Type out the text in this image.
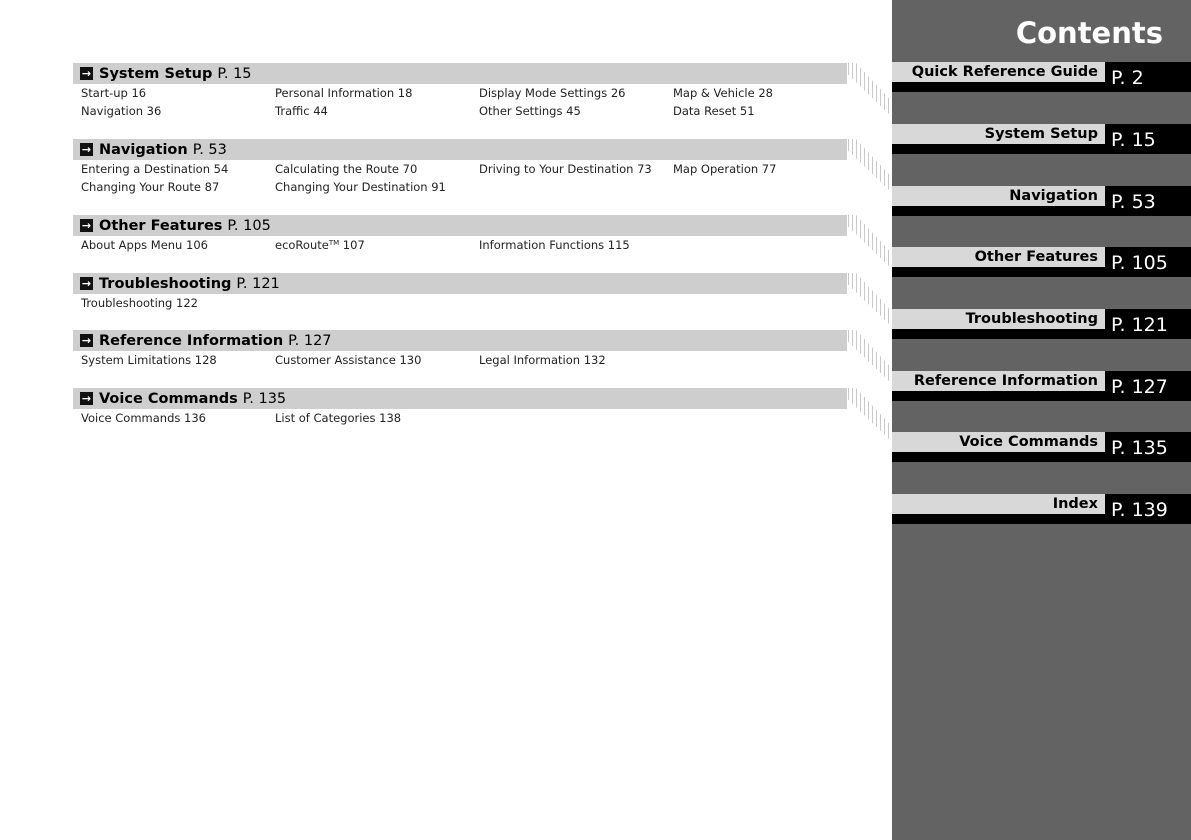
→ System Setup P. 15
Start-up 16	Personal Information 18	Display Mode Settings 26	Map & Vehicle 28
Navigation 36	Traffic 44	Other Settings 45	Data Reset 51
→ Navigation P. 53
Entering a Destination 54	Calculating the Route 70	Driving to Your Destination 73 Map Operation 77
Changing Your Route 87	Changing Your Destination 91
→ Other Features P. 105
About Apps Menu 106	ecoRoute™ 107	Information Functions 115
→ Troubleshooting P. 121
Troubleshooting 122
→ Reference Information P. 127
System Limitations 128	Customer Assistance 130	Legal Information 132
→ Voice Commands P. 135
Voice Commands 136	List of Categories 138
Contents
Quick Reference Guide P. 2
System Setup P. 15
Navigation P. 53
Other Features P. 105
Troubleshooting P. 121
Reference Information P. 127
Voice Commands P. 135
Index P. 139
